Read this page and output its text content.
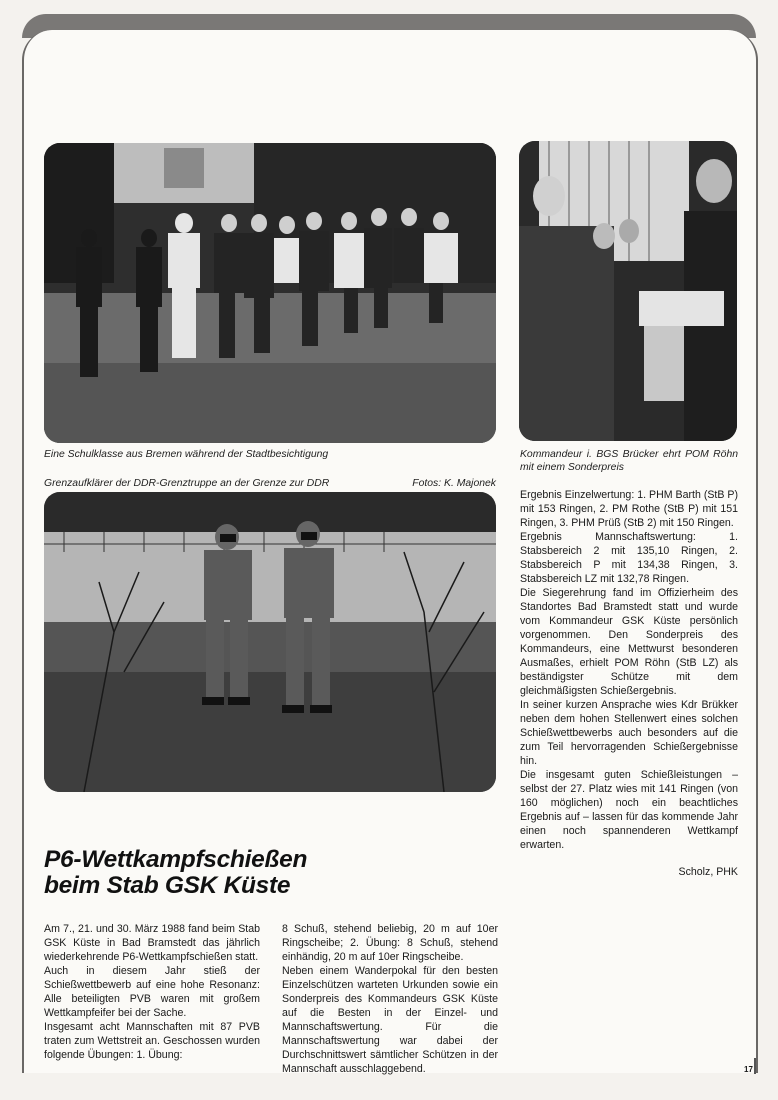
Eine Schulklasse aus Bremen während der Stadtbesichtigung
Grenzaufklärer der DDR-Grenztruppe an der Grenze zur DDR	Fotos: K. Majonek
Kommandeur i. BGS Brücker ehrt POM Röhn mit einem Sonderpreis
P6-Wettkampfschießen
beim Stab GSK Küste

Am 7., 21. und 30. März 1988 fand beim Stab GSK Küste in Bad Bramstedt das jährlich wiederkehrende P6-Wettkampfschießen statt.

Auch in diesem Jahr stieß der Schießwettbewerb auf eine hohe Resonanz: Alle beteiligten PVB waren mit großem Wettkampfeifer bei der Sache.

Insgesamt acht Mannschaften mit 87 PVB traten zum Wettstreit an. Geschossen wurden folgende Übungen: 1. Übung:

8 Schuß, stehend beliebig, 20 m auf 10er Ringscheibe; 2. Übung: 8 Schuß, stehend einhändig, 20 m auf 10er Ringscheibe.

Neben einem Wanderpokal für den besten Einzelschützen warteten Urkunden sowie ein Sonderpreis des Kommandeurs GSK Küste auf die Besten in der Einzel- und Mannschaftswertung. Für die Mannschaftswertung war dabei der Durchschnittswert sämtlicher Schützen in der Mannschaft ausschlaggebend.

Ergebnis Einzelwertung: 1. PHM Barth (StB P) mit 153 Ringen, 2. PM Rothe (StB P) mit 151 Ringen, 3. PHM Prüß (StB 2) mit 150 Ringen.

Ergebnis Mannschaftswertung: 1. Stabsbereich 2 mit 135,10 Ringen, 2. Stabsbereich P mit 134,38 Ringen, 3. Stabsbereich LZ mit 132,78 Ringen.

Die Siegerehrung fand im Offizierheim des Standortes Bad Bramstedt statt und wurde vom Kommandeur GSK Küste persönlich vorgenommen. Den Sonderpreis des Kommandeurs, eine Mettwurst besonderen Ausmaßes, erhielt POM Röhn (StB LZ) als beständigster Schütze mit dem gleichmäßigsten Schießergebnis.

In seiner kurzen Ansprache wies Kdr Brükker neben dem hohen Stellenwert eines solchen Schießwettbewerbs auch besonders auf die zum Teil hervorragenden Schießergebnisse hin.

Die insgesamt guten Schießleistungen – selbst der 27. Platz wies mit 141 Ringen (von 160 möglichen) noch ein beachtliches Ergebnis auf – lassen für das kommende Jahr einen noch spannenderen Wettkampf erwarten.

Scholz, PHK
17
